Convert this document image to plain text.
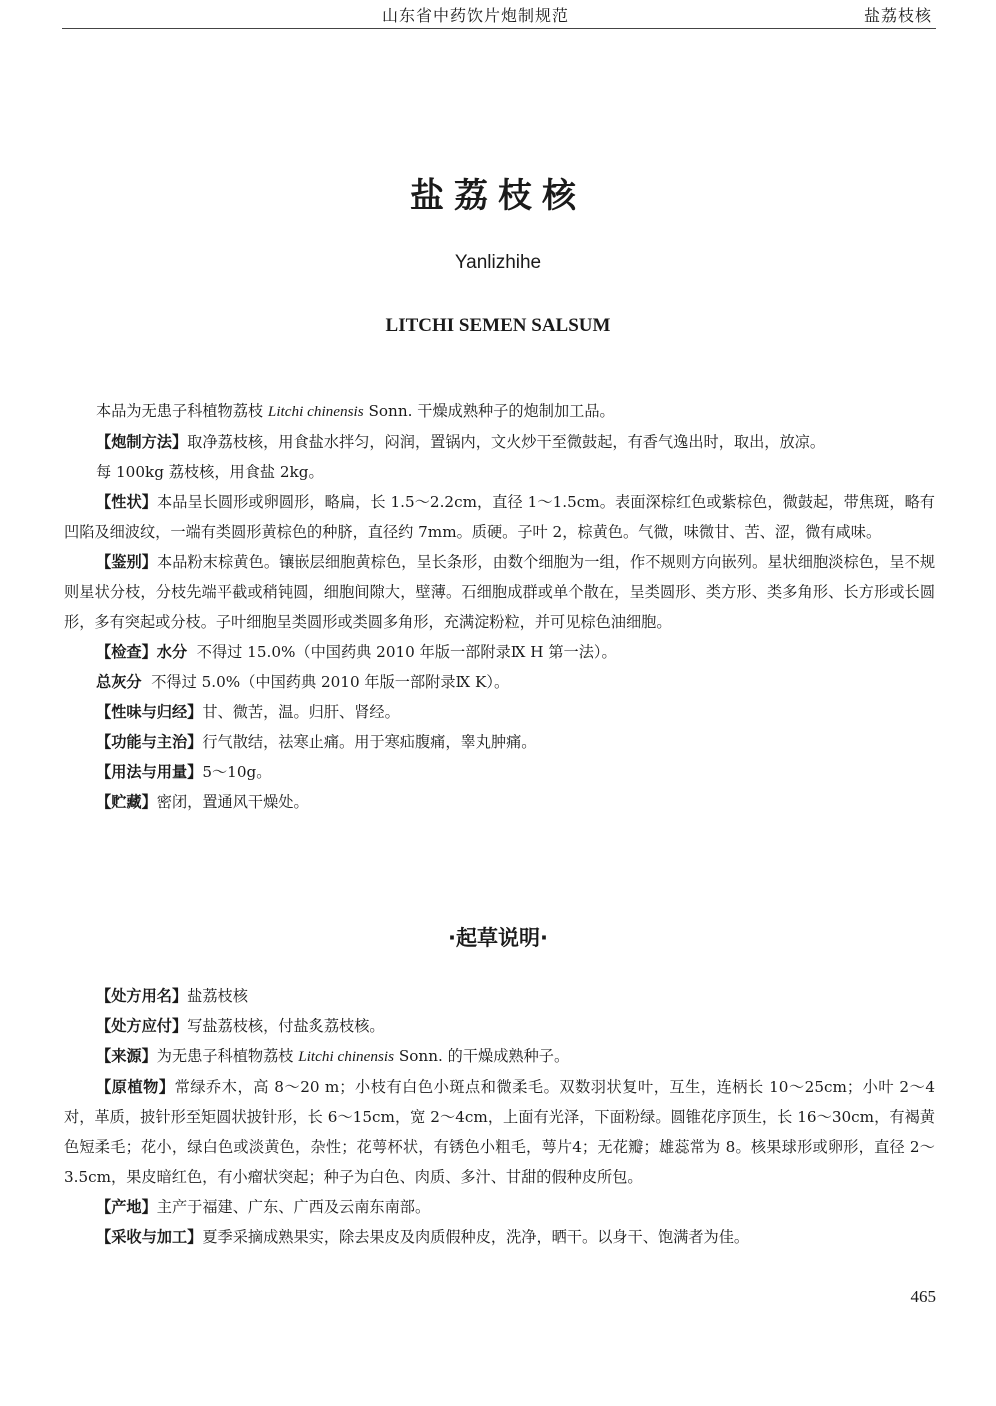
山东省中药饮片炮制规范	盐荔枝核
盐荔枝核
Yanlizhihe
LITCHI SEMEN SALSUM

本品为无患子科植物荔枝 Litchi chinensis Sonn. 干燥成熟种子的炮制加工品。

【炮制方法】取净荔枝核，用食盐水拌匀，闷润，置锅内，文火炒干至微鼓起，有香气逸出时，取出，放凉。

每 100kg 荔枝核，用食盐 2kg。

【性状】本品呈长圆形或卵圆形，略扁，长 1.5～2.2cm，直径 1～1.5cm。表面深棕红色或紫棕色，微鼓起，带焦斑，略有凹陷及细波纹，一端有类圆形黄棕色的种脐，直径约 7mm。质硬。子叶 2，棕黄色。气微，味微甘、苦、涩，微有咸味。

【鉴别】本品粉末棕黄色。镶嵌层细胞黄棕色，呈长条形，由数个细胞为一组，作不规则方向嵌列。星状细胞淡棕色，呈不规则星状分枝，分枝先端平截或稍钝圆，细胞间隙大，壁薄。石细胞成群或单个散在，呈类圆形、类方形、类多角形、长方形或长圆形，多有突起或分枝。子叶细胞呈类圆形或类圆多角形，充满淀粉粒，并可见棕色油细胞。

【检查】水分 不得过 15.0%（中国药典 2010 年版一部附录Ⅸ H 第一法）。

总灰分 不得过 5.0%（中国药典 2010 年版一部附录Ⅸ K）。

【性味与归经】甘、微苦，温。归肝、肾经。

【功能与主治】行气散结，祛寒止痛。用于寒疝腹痛，睾丸肿痛。

【用法与用量】5～10g。

【贮藏】密闭，置通风干燥处。

·起草说明·

【处方用名】盐荔枝核

【处方应付】写盐荔枝核，付盐炙荔枝核。

【来源】为无患子科植物荔枝 Litchi chinensis Sonn. 的干燥成熟种子。

【原植物】常绿乔木，高 8～20 m；小枝有白色小斑点和微柔毛。双数羽状复叶，互生，连柄长 10～25cm；小叶 2～4 对，革质，披针形至矩圆状披针形，长 6～15cm，宽 2～4cm，上面有光泽，下面粉绿。圆锥花序顶生，长 16～30cm，有褐黄色短柔毛；花小，绿白色或淡黄色，杂性；花萼杯状，有锈色小粗毛，萼片4；无花瓣；雄蕊常为 8。核果球形或卵形，直径 2～3.5cm，果皮暗红色，有小瘤状突起；种子为白色、肉质、多汁、甘甜的假种皮所包。

【产地】主产于福建、广东、广西及云南东南部。

【采收与加工】夏季采摘成熟果实，除去果皮及肉质假种皮，洗净，晒干。以身干、饱满者为佳。

465
